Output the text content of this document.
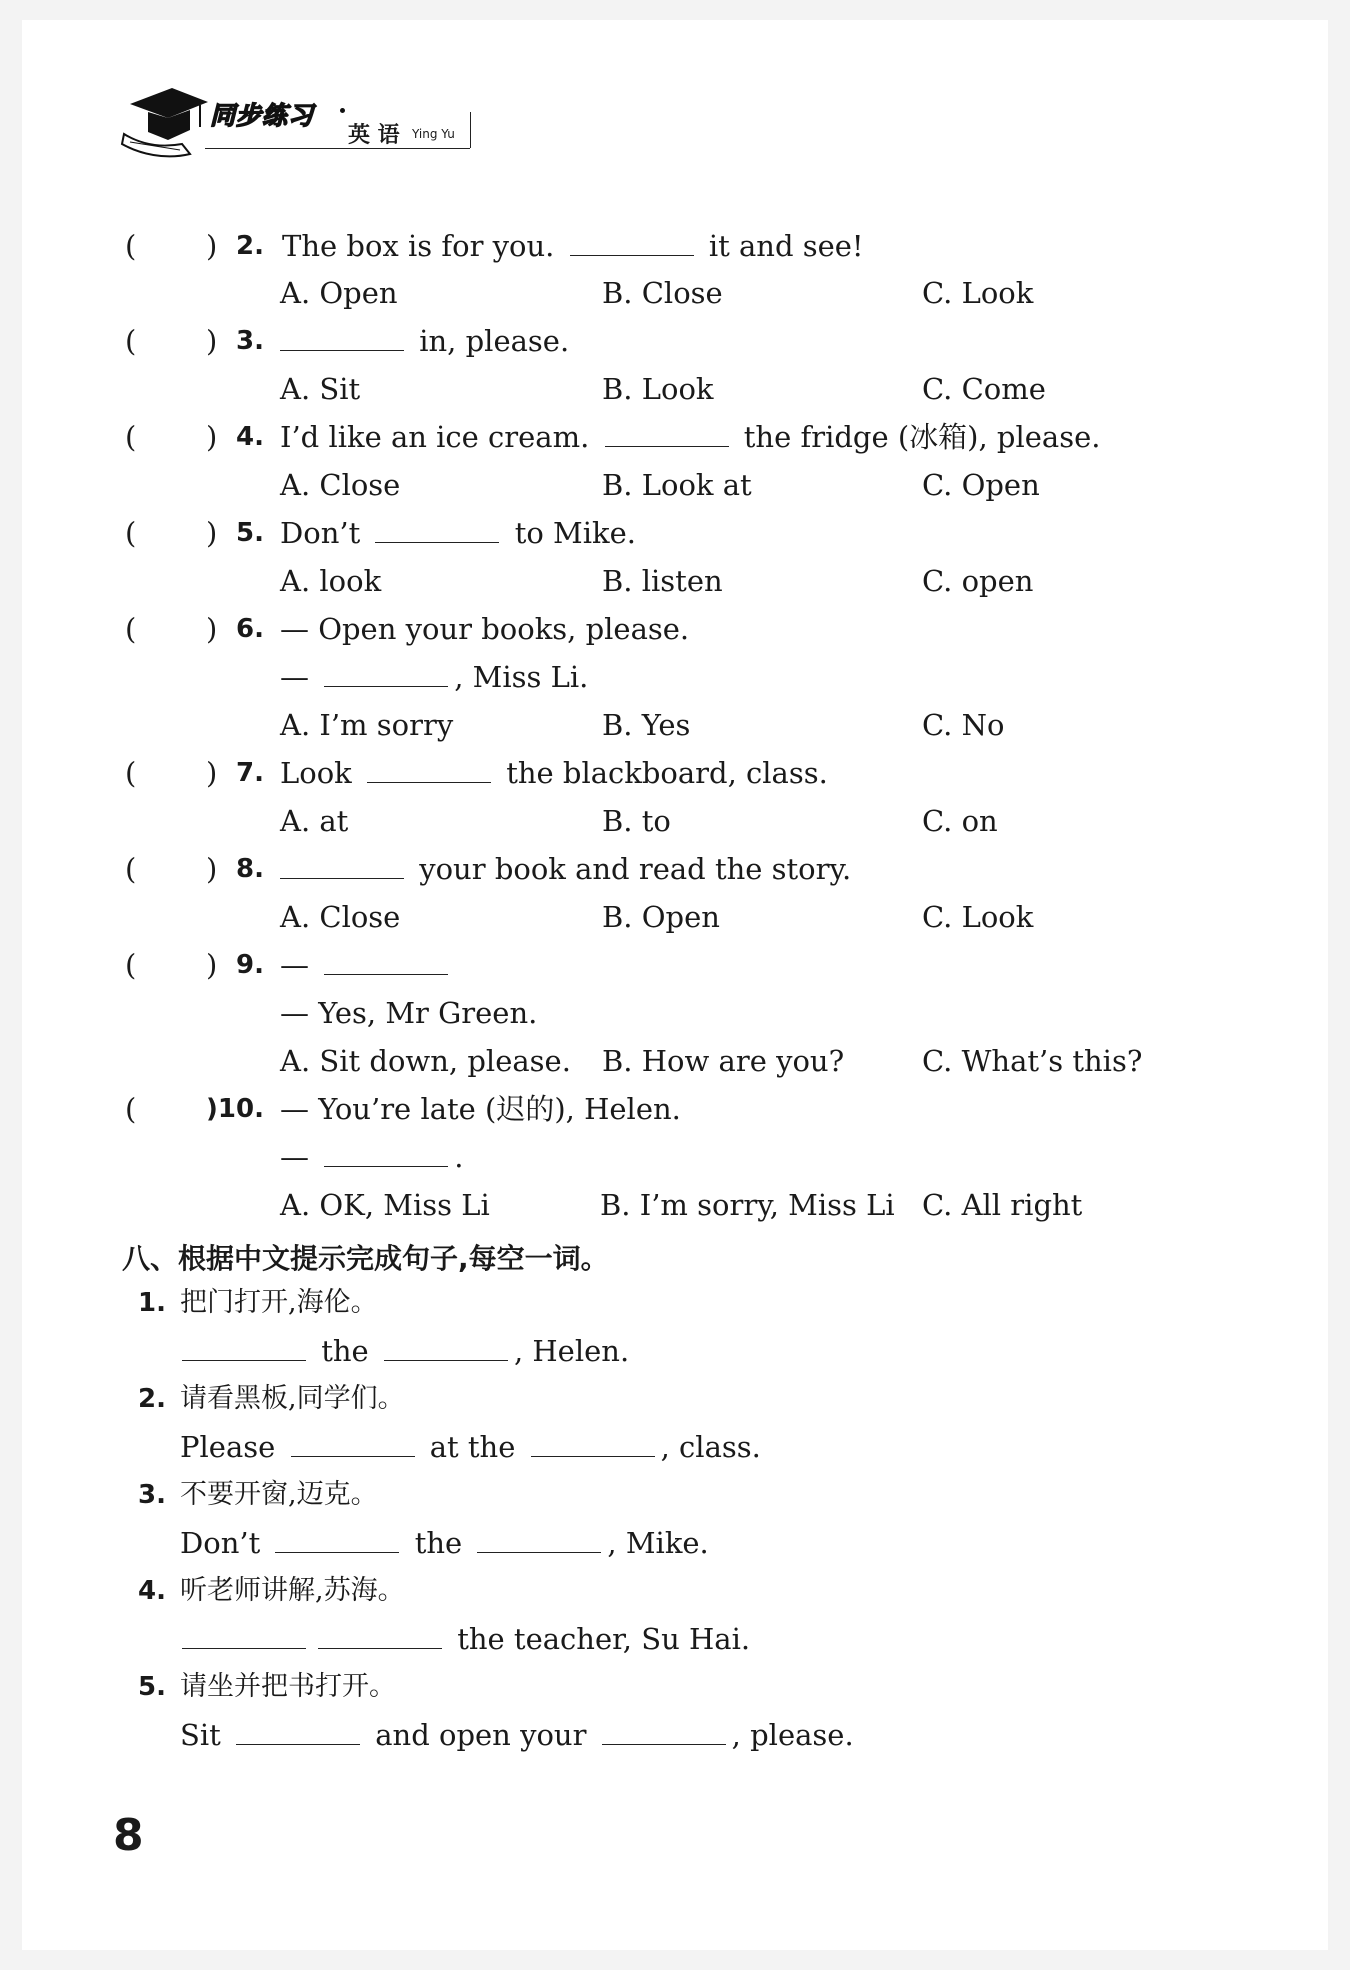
同步练习
英 语 Ying Yu
( ) 2. The box is for you.	it and see!
A. Open	B. Close	C. Look
( ) 3.	in, please.
A. Sit	B. Look	C. Come
( ) 4. I’d like an ice cream.	the fridge (冰箱), please.
A. Close	B. Look at	C. Open
( ) 5. Don’t	to Mike.
A. look	B. listen	C. open
( ) 6. — Open your books, please.
—	, Miss Li.
A. I’m sorry	B. Yes	C. No
( ) 7. Look	the blackboard, class.
A. at	B. to	C. on
( ) 8.	your book and read the story.
A. Close	B. Open	C. Look
( ) 9. —
— Yes, Mr Green.
A. Sit down, please. B. How are you?	C. What’s this?
(	)10. — You’re late (迟的), Helen.
—	.
A. OK, Miss Li	B. I’m sorry, Miss Li C. All right
八、根据中文提示完成句子,每空一词。
1. 把门打开,海伦。
the	, Helen.
2. 请看黑板,同学们。
Please	at the	, class.
3. 不要开窗,迈克。
Don’t	the	, Mike.
4. 听老师讲解,苏海。
the teacher, Su Hai.
5. 请坐并把书打开。
Sit	and open your	, please.
8
